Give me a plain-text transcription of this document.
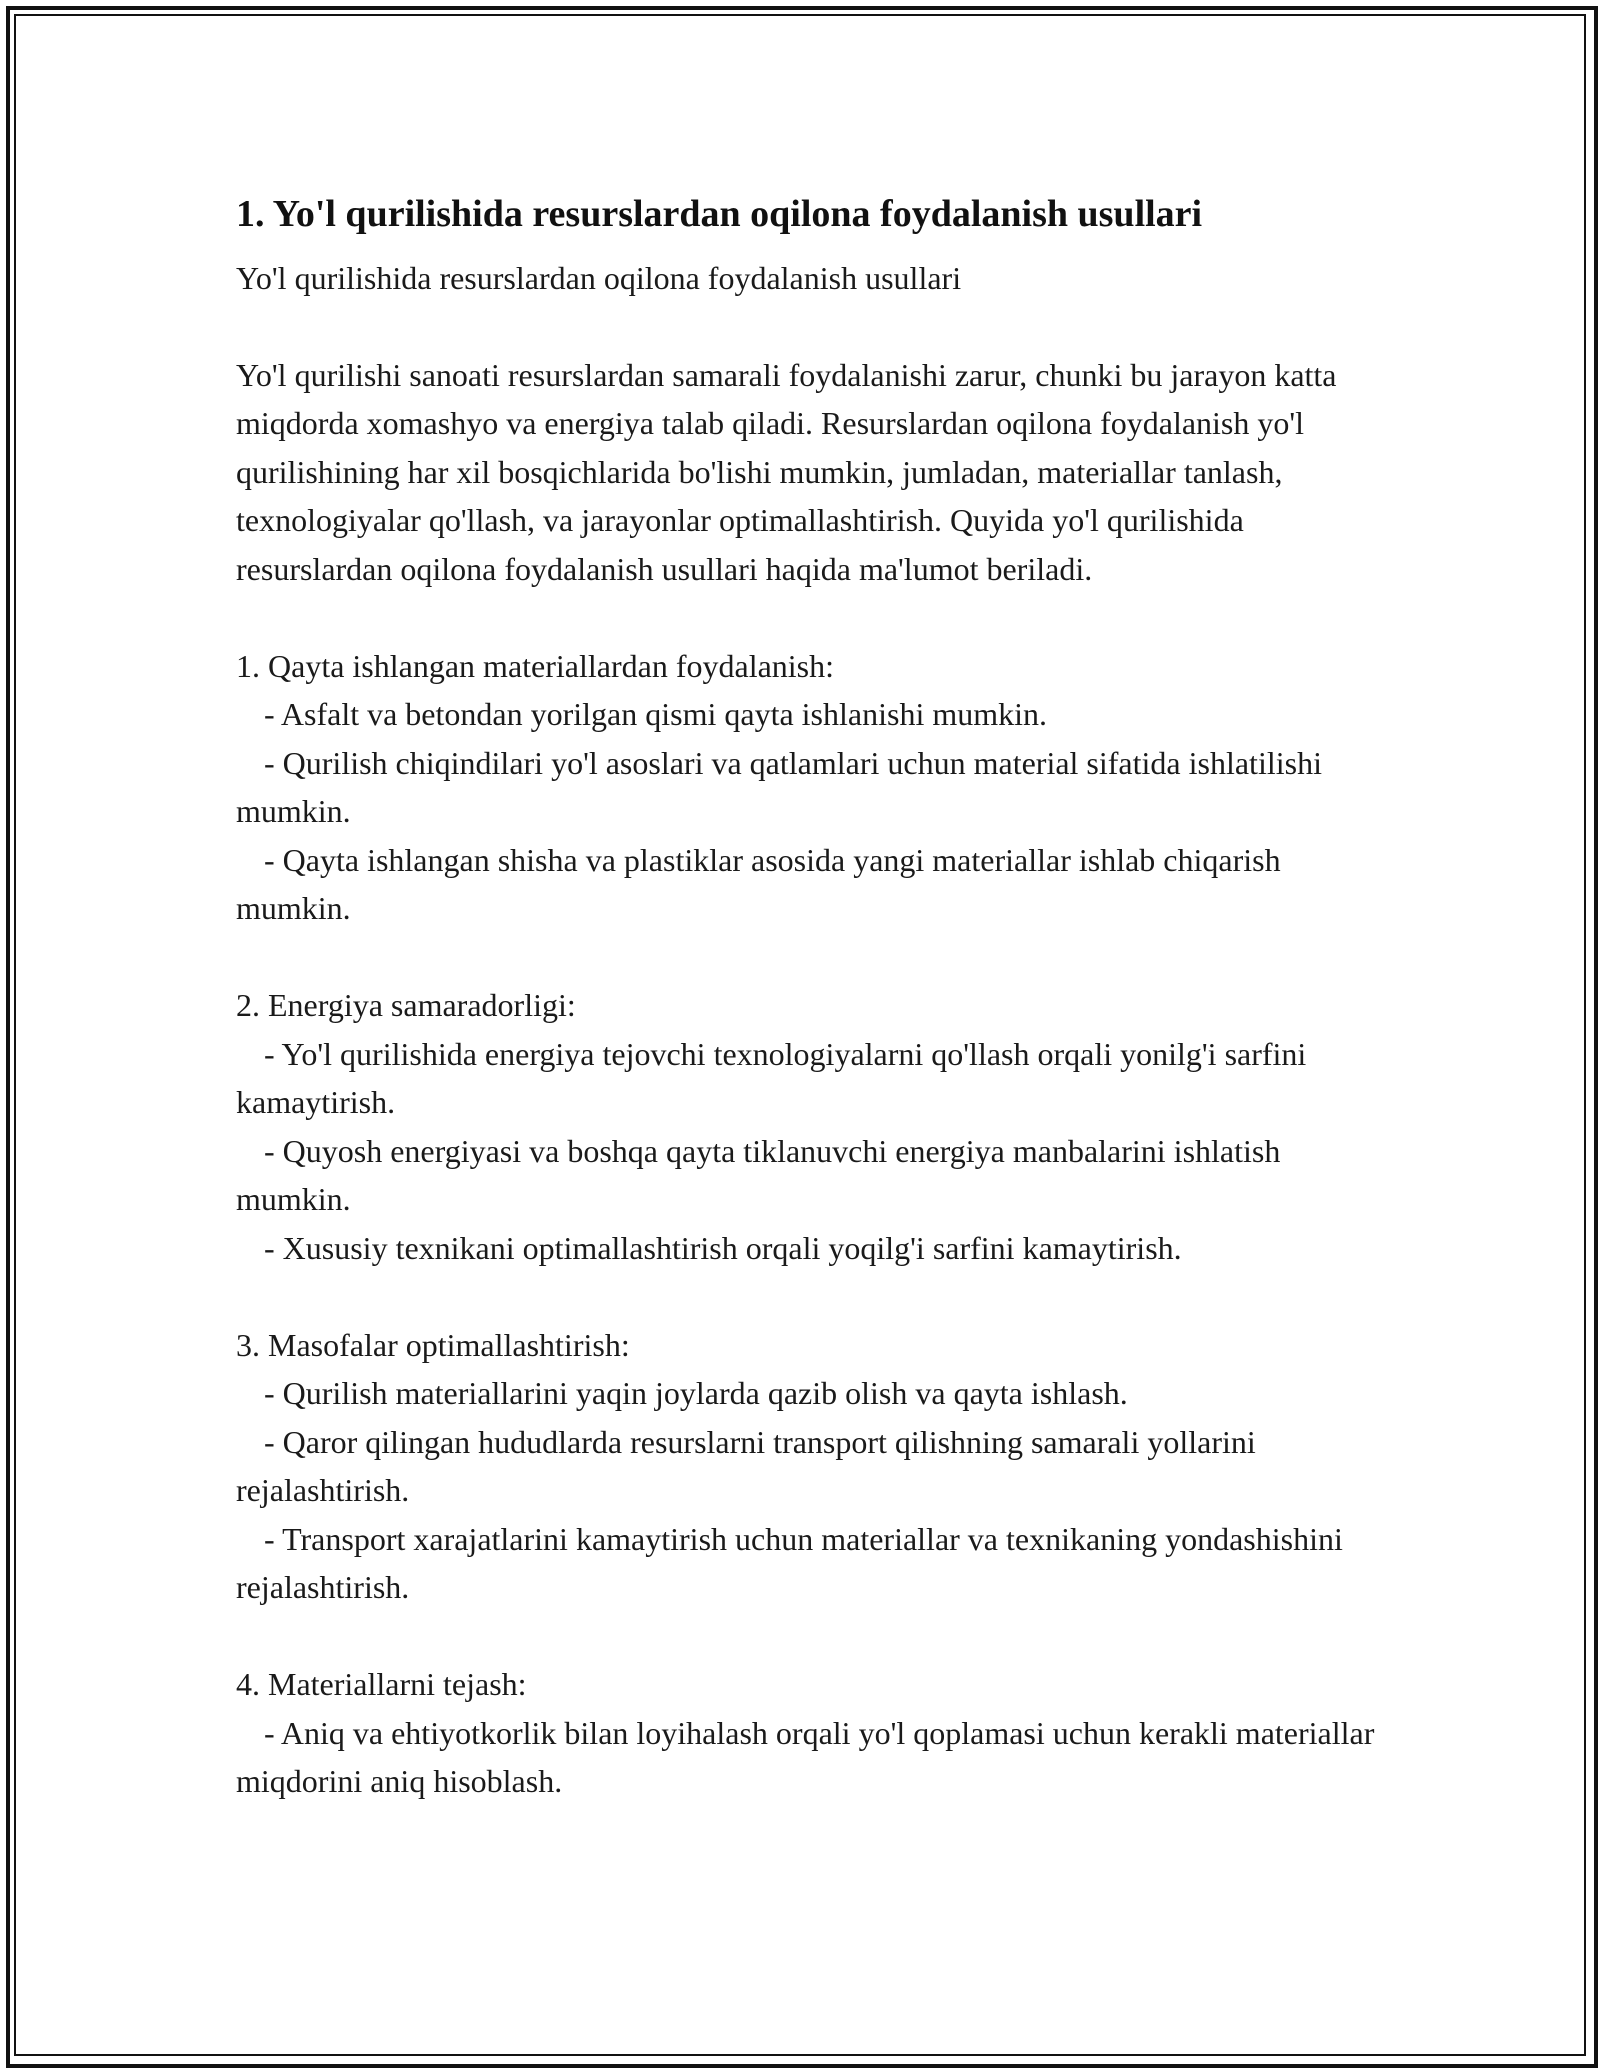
1. Yo'l qurilishida resurslardan oqilona foydalanish usullari

Yo'l qurilishida resurslardan oqilona foydalanish usullari

Yo'l qurilishi sanoati resurslardan samarali foydalanishi zarur, chunki bu jarayon katta miqdorda xomashyo va energiya talab qiladi. Resurslardan oqilona foydalanish yo'l qurilishining har xil bosqichlarida bo'lishi mumkin, jumladan, materiallar tanlash, texnologiyalar qo'llash, va jarayonlar optimallashtirish. Quyida yo'l qurilishida resurslardan oqilona foydalanish usullari haqida ma'lumot beriladi.

1. Qayta ishlangan materiallardan foydalanish:

- Asfalt va betondan yorilgan qismi qayta ishlanishi mumkin.

- Qurilish chiqindilari yo'l asoslari va qatlamlari uchun material sifatida ishlatilishi mumkin.

- Qayta ishlangan shisha va plastiklar asosida yangi materiallar ishlab chiqarish mumkin.

2. Energiya samaradorligi:

- Yo'l qurilishida energiya tejovchi texnologiyalarni qo'llash orqali yonilg'i sarfini kamaytirish.

- Quyosh energiyasi va boshqa qayta tiklanuvchi energiya manbalarini ishlatish mumkin.

- Xususiy texnikani optimallashtirish orqali yoqilg'i sarfini kamaytirish.

3. Masofalar optimallashtirish:

- Qurilish materiallarini yaqin joylarda qazib olish va qayta ishlash.

- Qaror qilingan hududlarda resurslarni transport qilishning samarali yollarini rejalashtirish.

- Transport xarajatlarini kamaytirish uchun materiallar va texnikaning yondashishini rejalashtirish.

4. Materiallarni tejash:

- Aniq va ehtiyotkorlik bilan loyihalash orqali yo'l qoplamasi uchun kerakli materiallar miqdorini aniq hisoblash.
